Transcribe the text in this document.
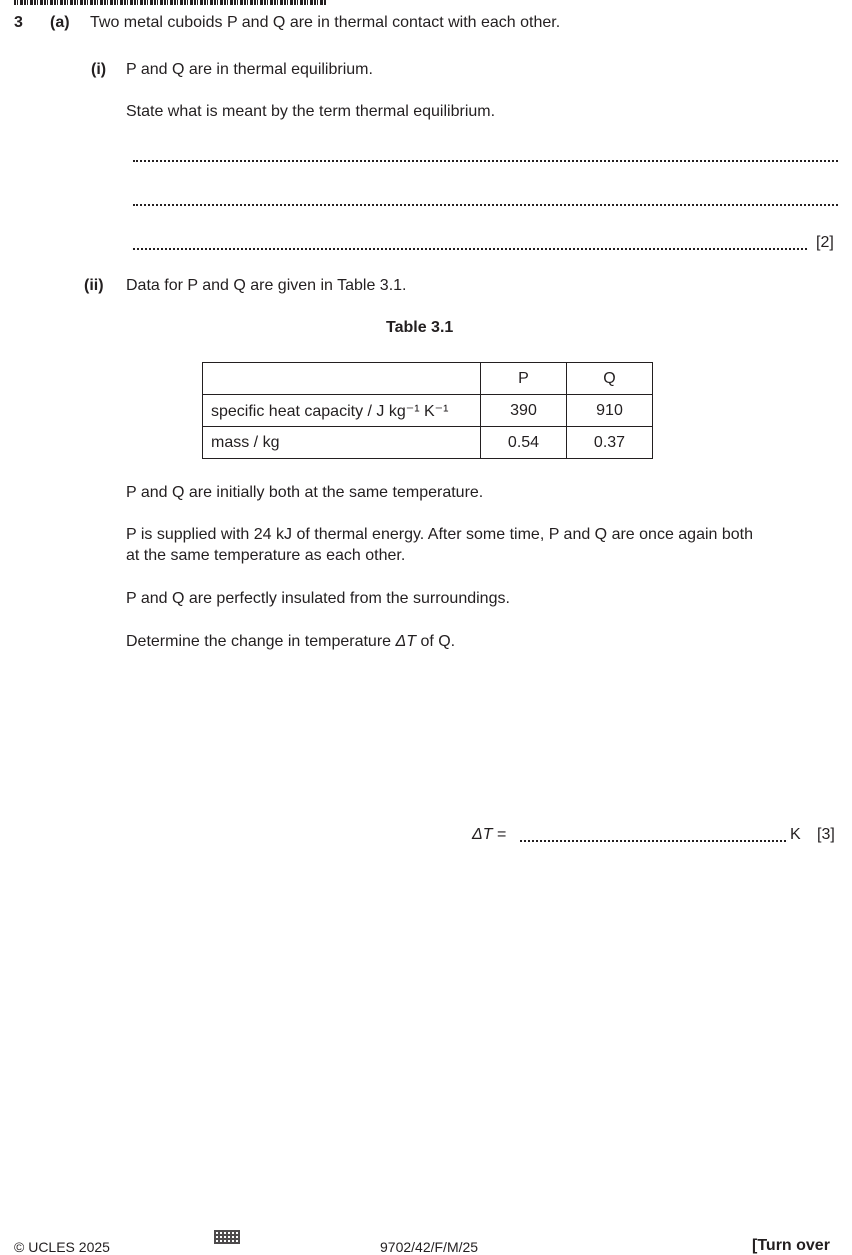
3 (a) Two metal cuboids P and Q are in thermal contact with each other.
(i) P and Q are in thermal equilibrium.
State what is meant by the term thermal equilibrium.
[2]
(ii) Data for P and Q are given in Table 3.1.
Table 3.1
	P	Q
specific heat capacity / J kg⁻¹ K⁻¹	390	910
mass / kg	0.54	0.37
P and Q are initially both at the same temperature.
P is supplied with 24 kJ of thermal energy. After some time, P and Q are once again both
at the same temperature as each other.
P and Q are perfectly insulated from the surroundings.
Determine the change in temperature ΔT of Q.
ΔT =	K [3]
© UCLES 2025	9702/42/F/M/25	[Turn over
